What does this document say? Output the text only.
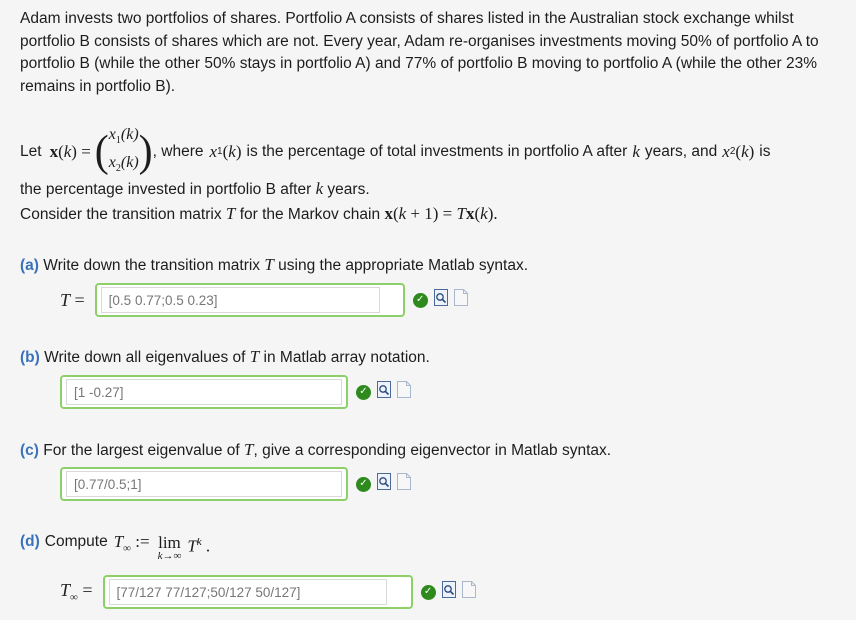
Adam invests two portfolios of shares. Portfolio A consists of shares listed in the Australian stock exchange whilst portfolio B consists of shares which are not. Every year, Adam re-organises investments moving 50% of portfolio A to portfolio B (while the other 50% stays in portfolio A) and 77% of portfolio B moving to portfolio A (while the other 23% remains in portfolio B).
Let x(k) = ( $x_1(k)$
$x_2(k)$ ) , where x 1 (k) is the percentage of total investments in portfolio A after k years, and x 2 (k) is
the percentage invested in portfolio B after k years.
Consider the transition matrix T for the Markov chain x(k + 1) = Tx(k).
(a) Write down the transition matrix T using the appropriate Matlab syntax.
T =
[0.5 0.77;0.5 0.23]	✓
(b) Write down all eigenvalues of T in Matlab array notation.
[1 -0.27]
✓
(c) For the largest eigenvalue of T, give a corresponding eigenvector in Matlab syntax.
[0.77/0.5;1]
✓
(d) Compute $T_\infty$ := lim
k→∞
$T^k$ .
$T_\infty$ =
[77/127 77/127;50/127 50/127]	✓
